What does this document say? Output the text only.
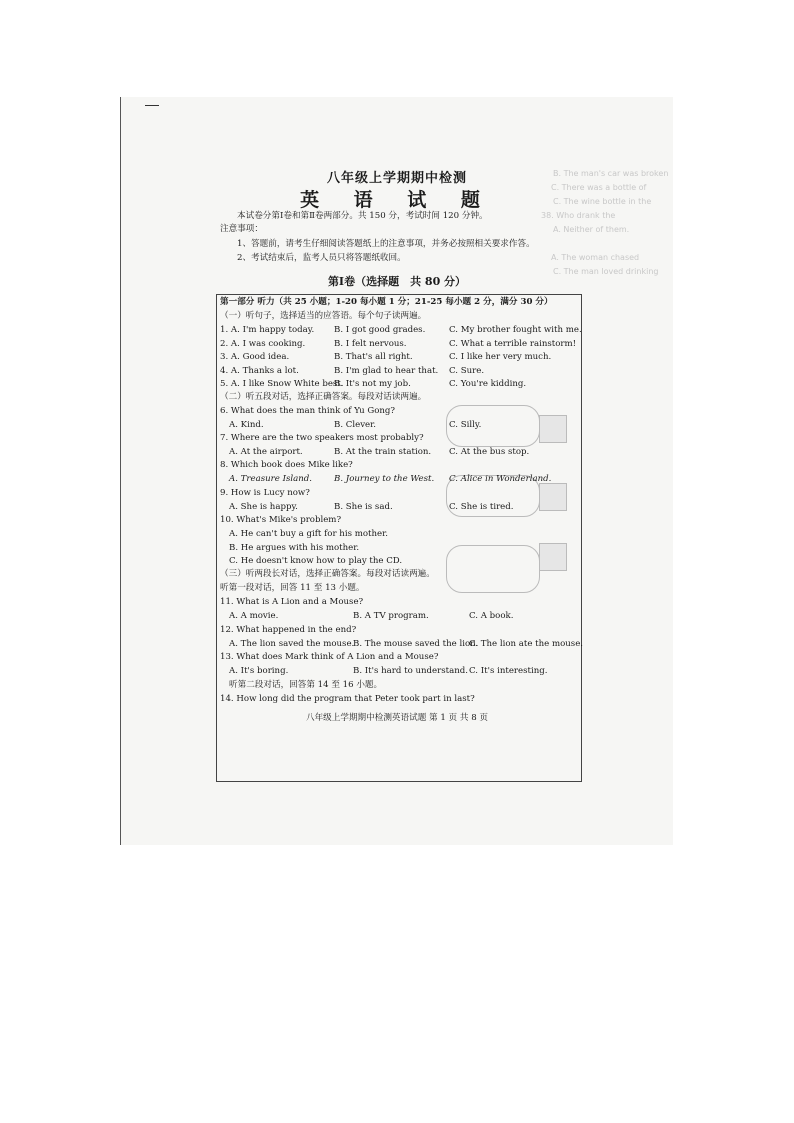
B. The man's car was broken
C. There was a bottle of
C. The wine bottle in the
38. Who drank the
A. Neither of them.
A. The woman chased
C. The man loved drinking
八年级上学期期中检测
英 语 试 题
本试卷分第Ⅰ卷和第Ⅱ卷两部分。共 150 分，考试时间 120 分钟。
注意事项：
1、答题前，请考生仔细阅读答题纸上的注意事项，并务必按照相关要求作答。
2、考试结束后，监考人员只将答题纸收回。
第Ⅰ卷（选择题　共 80 分）
第一部分 听力（共 25 小题；1-20 每小题 1 分；21-25 每小题 2 分，满分 30 分）
（一）听句子，选择适当的应答语。每个句子读两遍。
1. A. I'm happy today. B. I got good grades.	C. My brother fought with me.
2. A. I was cooking.	B. I felt nervous.	C. What a terrible rainstorm!
3. A. Good idea.	B. That's all right.	C. I like her very much.
4. A. Thanks a lot.	B. I'm glad to hear that. C. Sure.
5. A. I like Snow White best.
B. It's not my job.	C. You're kidding.
（二）听五段对话，选择正确答案。每段对话读两遍。
6. What does the man think of Yu Gong?
A. Kind.	B. Clever.	C. Silly.
7. Where are the two speakers most probably?
A. At the airport.	B. At the train station. C. At the bus stop.
8. Which book does Mike like?
A. Treasure Island.	B. Journey to the West. C. Alice in Wonderland.
9. How is Lucy now?
A. She is happy.	B. She is sad.	C. She is tired.
10. What's Mike's problem?
A. He can't buy a gift for his mother.
B. He argues with his mother.
C. He doesn't know how to play the CD.
（三）听两段长对话，选择正确答案。每段对话读两遍。
听第一段对话，回答 11 至 13 小题。
11. What is A Lion and a Mouse?
A. A movie.	B. A TV program.	C. A book.
12. What happened in the end?
A. The lion saved the mouse.
B. The mouse saved the lion.
C. The lion ate the mouse.
13. What does Mark think of A Lion and a Mouse?
A. It's boring.	B. It's hard to understand. C. It's interesting.
听第二段对话，回答第 14 至 16 小题。
14. How long did the program that Peter took part in last?
八年级上学期期中检测英语试题 第 1 页 共 8 页
